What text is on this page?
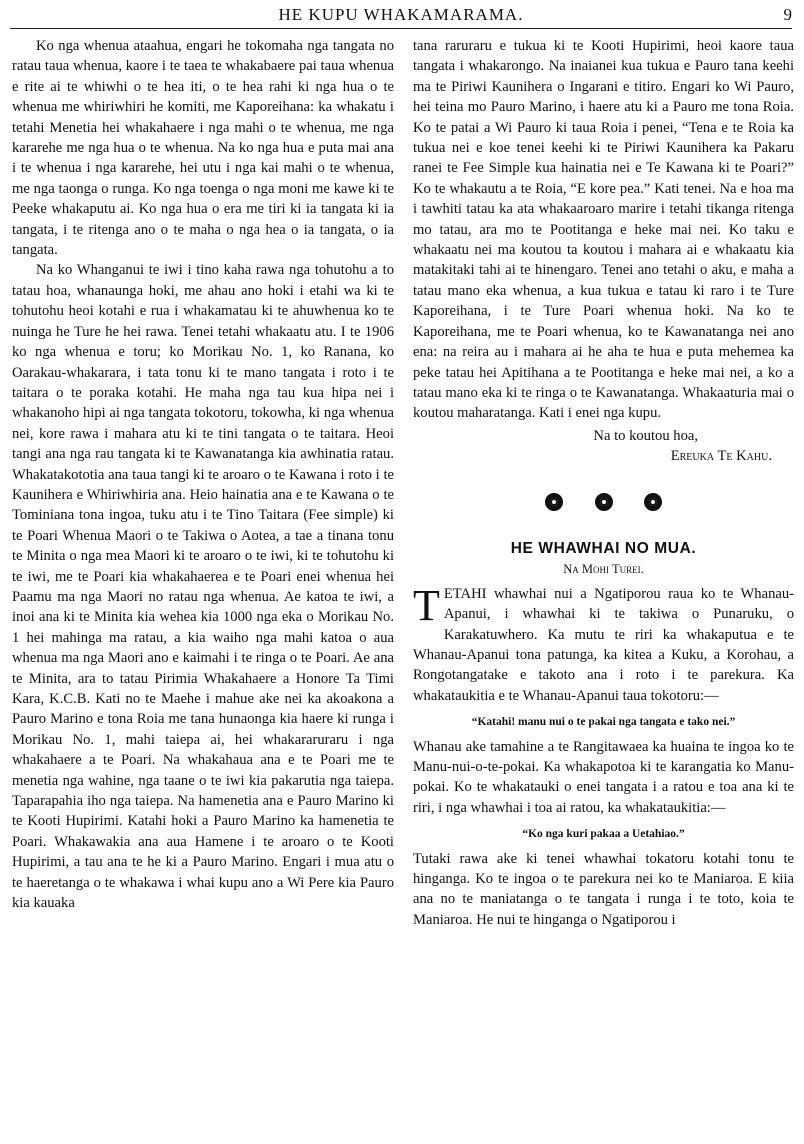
HE KUPU WHAKAMARAMA.	9

Ko nga whenua ataahua, engari he tokomaha nga tangata no ratau taua whenua, kaore i te taea te whakabaere pai taua whenua e rite ai te whiwhi o te hea iti, o te hea rahi ki nga hua o te whenua me whiriwhiri he komiti, me Kaporeihana: ka whakatu i tetahi Menetia hei whakahaere i nga mahi o te whenua, me nga kararehe me nga hua o te whenua. Na ko nga hua e puta mai ana i te whenua i nga kararehe, hei utu i nga kai mahi o te whenua, me nga taonga o runga. Ko nga toenga o nga moni me kawe ki te Peeke whakaputu ai. Ko nga hua o era me tiri ki ia tangata ki ia tangata, i te ritenga ano o te maha o nga hea o ia tangata, o ia tangata.

Na ko Whanganui te iwi i tino kaha rawa nga tohutohu a to tatau hoa, whanaunga hoki, me ahau ano hoki i etahi wa ki te tohutohu heoi kotahi e rua i whakamatau ki te ahuwhenua ko te nuinga he Ture he hei rawa. Tenei tetahi whakaatu atu. I te 1906 ko nga whenua e toru; ko Morikau No. 1, ko Ranana, ko Oarakau-whakarara, i tata tonu ki te mano tangata i roto i te taitara o te poraka kotahi. He maha nga tau kua hipa nei i whakanoho hipi ai nga tangata tokotoru, tokowha, ki nga whenua nei, kore rawa i mahara atu ki te tini tangata o te taitara. Heoi tangi ana nga rau tangata ki te Kawanatanga kia awhinatia ratau. Whakatakototia ana taua tangi ki te aroaro o te Kawana i roto i te Kaunihera e Whiriwhiria ana. Heio hainatia ana e te Kawana o te Tominiana tona ingoa, tuku atu i te Tino Taitara (Fee simple) ki te Poari Whenua Maori o te Takiwa o Aotea, a tae a tinana tonu te Minita o nga mea Maori ki te aroaro o te iwi, ki te tohutohu ki te iwi, me te Poari kia whakahaerea e te Poari enei whenua hei Paamu ma nga Maori no ratau nga whenua. Ae katoa te iwi, a inoi ana ki te Minita kia wehea kia 1000 nga eka o Morikau No. 1 hei mahinga ma ratau, a kia waiho nga mahi katoa o aua whenua ma nga Maori ano e kaimahi i te ringa o te Poari. Ae ana te Minita, ara to tatau Pirimia Whakahaere a Honore Ta Timi Kara, K.C.B. Kati no te Maehe i mahue ake nei ka akoakona a Pauro Marino e tona Roia me tana hunaonga kia haere ki runga i Morikau No. 1, mahi taiepa ai, hei whakararuraru i nga whakahaere a te Poari. Na whakahaua ana e te Poari me te menetia nga wahine, nga taane o te iwi kia pakarutia nga taiepa. Taparapahia iho nga taiepa. Na hamenetia ana e Pauro Marino ki te Kooti Hupirimi. Katahi hoki a Pauro Marino ka hamenetia te Poari. Whakawakia ana aua Hamene i te aroaro o te Kooti Hupirimi, a tau ana te he ki a Pauro Marino. Engari i mua atu o te haeretanga o te whakawa i whai kupu ano a Wi Pere kia Pauro kia kauaka

tana raruraru e tukua ki te Kooti Hupirimi, heoi kaore taua tangata i whakarongo. Na inaianei kua tukua e Pauro tana keehi ma te Piriwi Kaunihera o Ingarani e titiro. Engari ko Wi Pauro, hei teina mo Pauro Marino, i haere atu ki a Pauro me tona Roia. Ko te patai a Wi Pauro ki taua Roia i penei, “Tena e te Roia ka tukua nei e koe tenei keehi ki te Piriwi Kaunihera ka Pakaru ranei te Fee Simple kua hainatia nei e Te Kawana ki te Poari?” Ko te whakautu a te Roia, “E kore pea.” Kati tenei. Na e hoa ma i tawhiti tatau ka ata whakaaroaro marire i tetahi tikanga ritenga mo tatau, ara mo te Pootitanga e heke mai nei. Ko taku e whakaatu nei ma koutou ta koutou i mahara ai e whakaatu kia matakitaki tahi ai te hinengaro. Tenei ano tetahi o aku, e maha a tatau mano eka whenua, a kua tukua e tatau ki raro i te Ture Kaporeihana, i te Ture Poari whenua hoki. Na ko te Kaporeihana, me te Poari whenua, ko te Kawanatanga nei ano ena: na reira au i mahara ai he aha te hua e puta mehemea ka peke tatau hei Apitihana a te Pootitanga e heke mai nei, a ko a tatau mano eka ki te ringa o te Kawanatanga. Whakaaturia mai o koutou maharatanga. Kati i enei nga kupu.

Na to koutou hoa,

Ereuka Te Kahu.

HE WHAWHAI NO MUA.

Na Mohi Turei.

TETAHI whawhai nui a Ngatiporou raua ko te Whanau-Apanui, i whawhai ki te takiwa o Punaruku, o Karakatuwhero. Ka mutu te riri ka whakaputua e te Whanau-Apanui tona patunga, ka kitea a Kuku, a Korohau, a Rongotangatake e takoto ana i roto i te parekura. Ka whakataukitia e te Whanau-Apanui taua tokotoru:—

“Katahi! manu nui o te pakai nga tangata e tako nei.”

Whanau ake tamahine a te Rangitawaea ka huaina te ingoa ko te Manu-nui-o-te-pokai. Ka whakapotoa ki te karangatia ko Manu-pokai. Ko te whakatauki o enei tangata i a ratou e toa ana ki te riri, i nga whawhai i toa ai ratou, ka whakataukitia:—

“Ko nga kuri pakaa a Uetahiao.”

Tutaki rawa ake ki tenei whawhai tokatoru kotahi tonu te hinganga. Ko te ingoa o te parekura nei ko te Maniaroa. E kiia ana no te maniatanga o te tangata i runga i te toto, koia te Maniaroa. He nui te hinganga o Ngatiporou i
